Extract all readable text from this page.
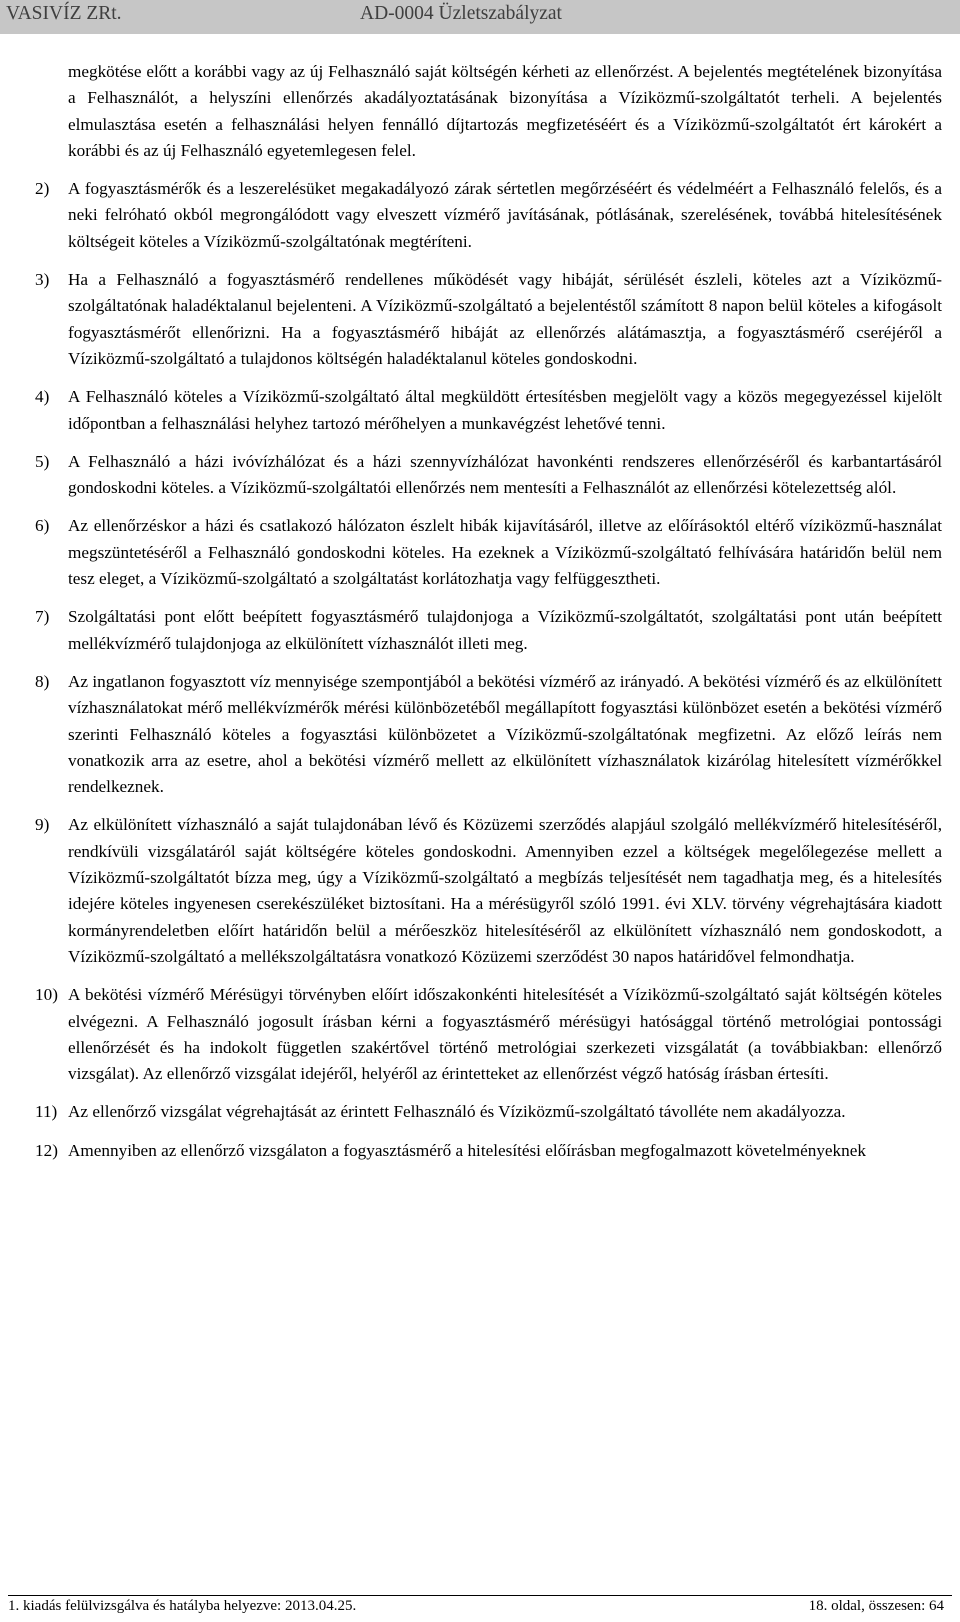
VASIVÍZ ZRt.	AD-0004 Üzletszabályzat

megkötése előtt a korábbi vagy az új Felhasználó saját költségén kérheti az ellenőrzést. A bejelentés megtételének bizonyítása a Felhasználót, a helyszíni ellenőrzés akadályoztatásának bizonyítása a Víziközmű-szolgáltatót terheli. A bejelentés elmulasztása esetén a felhasználási helyen fennálló díjtartozás megfizetéséért és a Víziközmű-szolgáltatót ért károkért a korábbi és az új Felhasználó egyetemlegesen felel.

2) A fogyasztásmérők és a leszerelésüket megakadályozó zárak sértetlen megőrzéséért és védelméért a Felhasználó felelős, és a neki felróható okból megrongálódott vagy elveszett vízmérő javításának, pótlásának, szerelésének, továbbá hitelesítésének költségeit köteles a Víziközmű-szolgáltatónak megtéríteni.
3) Ha a Felhasználó a fogyasztásmérő rendellenes működését vagy hibáját, sérülését észleli, köteles azt a Víziközmű-szolgáltatónak haladéktalanul bejelenteni. A Víziközmű-szolgáltató a bejelentéstől számított 8 napon belül köteles a kifogásolt fogyasztásmérőt ellenőrizni. Ha a fogyasztásmérő hibáját az ellenőrzés alátámasztja, a fogyasztásmérő cseréjéről a Víziközmű-szolgáltató a tulajdonos költségén haladéktalanul köteles gondoskodni.
4) A Felhasználó köteles a Víziközmű-szolgáltató által megküldött értesítésben megjelölt vagy a közös megegyezéssel kijelölt időpontban a felhasználási helyhez tartozó mérőhelyen a munkavégzést lehetővé tenni.
5) A Felhasználó a házi ivóvízhálózat és a házi szennyvízhálózat havonkénti rendszeres ellenőrzéséről és karbantartásáról gondoskodni köteles. a Víziközmű-szolgáltatói ellenőrzés nem mentesíti a Felhasználót az ellenőrzési kötelezettség alól.
6) Az ellenőrzéskor a házi és csatlakozó hálózaton észlelt hibák kijavításáról, illetve az előírásoktól eltérő víziközmű-használat megszüntetéséről a Felhasználó gondoskodni köteles. Ha ezeknek a Víziközmű-szolgáltató felhívására határidőn belül nem tesz eleget, a Víziközmű-szolgáltató a szolgáltatást korlátozhatja vagy felfüggesztheti.
7) Szolgáltatási pont előtt beépített fogyasztásmérő tulajdonjoga a Víziközmű-szolgáltatót, szolgáltatási pont után beépített mellékvízmérő tulajdonjoga az elkülönített vízhasználót illeti meg.
8) Az ingatlanon fogyasztott víz mennyisége szempontjából a bekötési vízmérő az irányadó. A bekötési vízmérő és az elkülönített vízhasználatokat mérő mellékvízmérők mérési különbözetéből megállapított fogyasztási különbözet esetén a bekötési vízmérő szerinti Felhasználó köteles a fogyasztási különbözetet a Víziközmű-szolgáltatónak megfizetni. Az előző leírás nem vonatkozik arra az esetre, ahol a bekötési vízmérő mellett az elkülönített vízhasználatok kizárólag hitelesített vízmérőkkel rendelkeznek.
9) Az elkülönített vízhasználó a saját tulajdonában lévő és Közüzemi szerződés alapjául szolgáló mellékvízmérő hitelesítéséről, rendkívüli vizsgálatáról saját költségére köteles gondoskodni. Amennyiben ezzel a költségek megelőlegezése mellett a Víziközmű-szolgáltatót bízza meg, úgy a Víziközmű-szolgáltató a megbízás teljesítését nem tagadhatja meg, és a hitelesítés idejére köteles ingyenesen cserekészüléket biztosítani. Ha a mérésügyről szóló 1991. évi XLV. törvény végrehajtására kiadott kormányrendeletben előírt határidőn belül a mérőeszköz hitelesítéséről az elkülönített vízhasználó nem gondoskodott, a Víziközmű-szolgáltató a mellékszolgáltatásra vonatkozó Közüzemi szerződést 30 napos határidővel felmondhatja.
10) A bekötési vízmérő Mérésügyi törvényben előírt időszakonkénti hitelesítését a Víziközmű-szolgáltató saját költségén köteles elvégezni. A Felhasználó jogosult írásban kérni a fogyasztásmérő mérésügyi hatósággal történő metrológiai pontossági ellenőrzését és ha indokolt független szakértővel történő metrológiai szerkezeti vizsgálatát (a továbbiakban: ellenőrző vizsgálat). Az ellenőrző vizsgálat idejéről, helyéről az érintetteket az ellenőrzést végző hatóság írásban értesíti.
11) Az ellenőrző vizsgálat végrehajtását az érintett Felhasználó és Víziközmű-szolgáltató távolléte nem akadályozza.
12) Amennyiben az ellenőrző vizsgálaton a fogyasztásmérő a hitelesítési előírásban megfogalmazott követelményeknek
1. kiadás felülvizsgálva és hatályba helyezve: 2013.04.25.	18. oldal, összesen: 64
